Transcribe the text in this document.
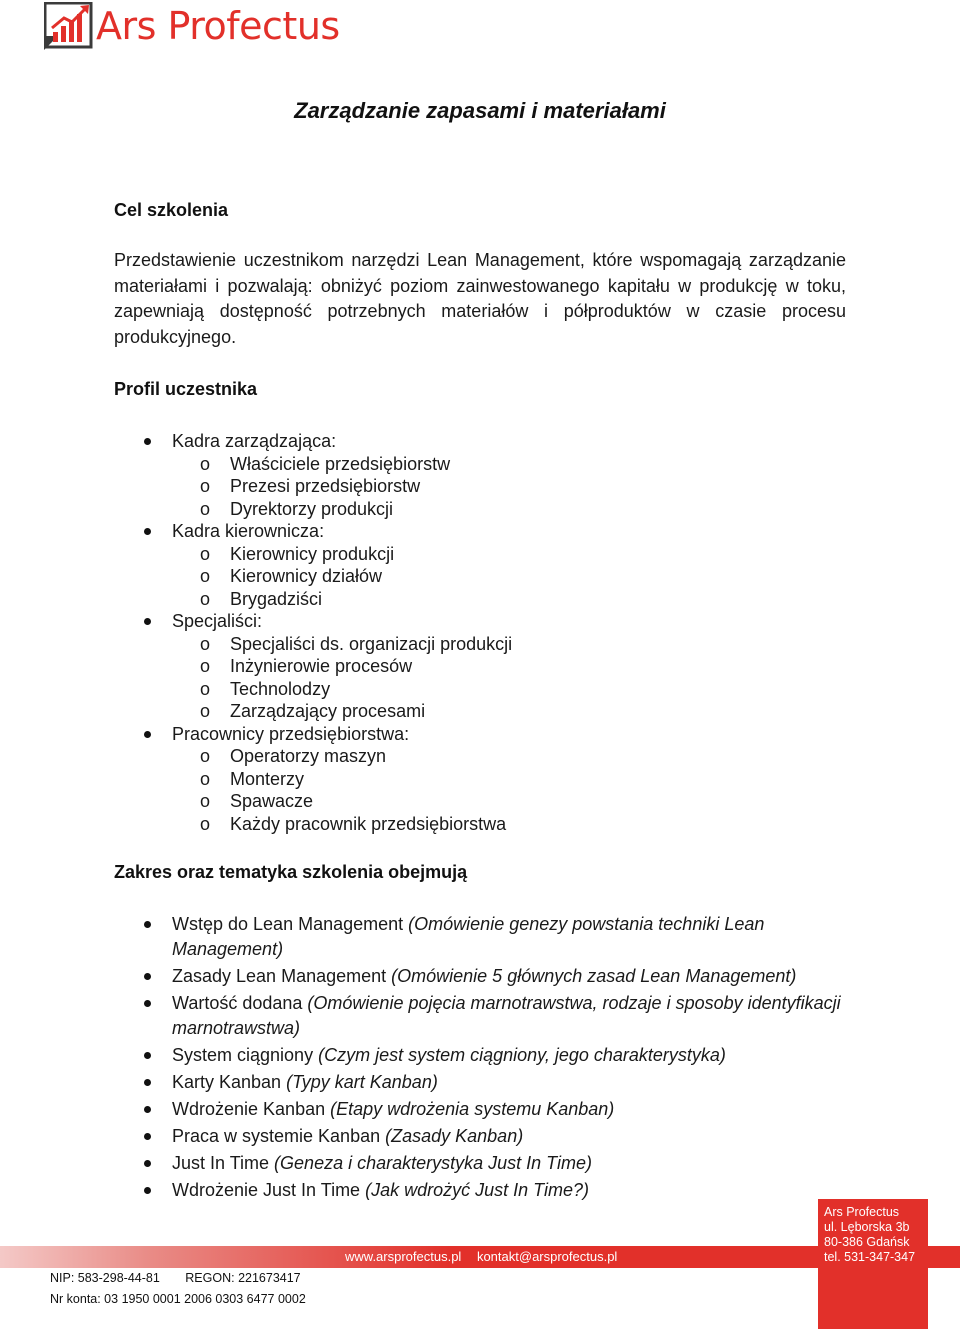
Ars Profectus
Zarządzanie zapasami i materiałami
Cel szkolenia

Przedstawienie uczestnikom narzędzi Lean Management, które wspomagają zarządzanie materiałami i pozwalają: obniżyć poziom zainwestowanego kapitału w produkcję w toku, zapewniają dostępność potrzebnych materiałów i półproduktów w czasie procesu produkcyjnego.

Profil uczestnika
Kadra zarządzająca:
o Właściciele przedsiębiorstw
o Prezesi przedsiębiorstw
o Dyrektorzy produkcji
Kadra kierownicza:
o Kierownicy produkcji
o Kierownicy działów
o Brygadziści
Specjaliści:
o Specjaliści ds. organizacji produkcji
o Inżynierowie procesów
o Technolodzy
o Zarządzający procesami
Pracownicy przedsiębiorstwa:
o Operatorzy maszyn
o Monterzy
o Spawacze
o Każdy pracownik przedsiębiorstwa
Zakres oraz tematyka szkolenia obejmują
Wstęp do Lean Management (Omówienie genezy powstania techniki Lean Management)
Zasady Lean Management (Omówienie 5 głównych zasad Lean Management)
Wartość dodana (Omówienie pojęcia marnotrawstwa, rodzaje i sposoby identyfikacji marnotrawstwa)
System ciągniony (Czym jest system ciągniony, jego charakterystyka)
Karty Kanban (Typy kart Kanban)
Wdrożenie Kanban (Etapy wdrożenia systemu Kanban)
Praca w systemie Kanban (Zasady Kanban)
Just In Time (Geneza i charakterystyka Just In Time)
Wdrożenie Just In Time (Jak wdrożyć Just In Time?)
www.arsprofectus.pl kontakt@arsprofectus.pl
Ars Profectus
ul. Lęborska 3b
80-386 Gdańsk
tel. 531-347-347
NIP: 583-298-44-81 REGON: 221673417
Nr konta: 03 1950 0001 2006 0303 6477 0002
